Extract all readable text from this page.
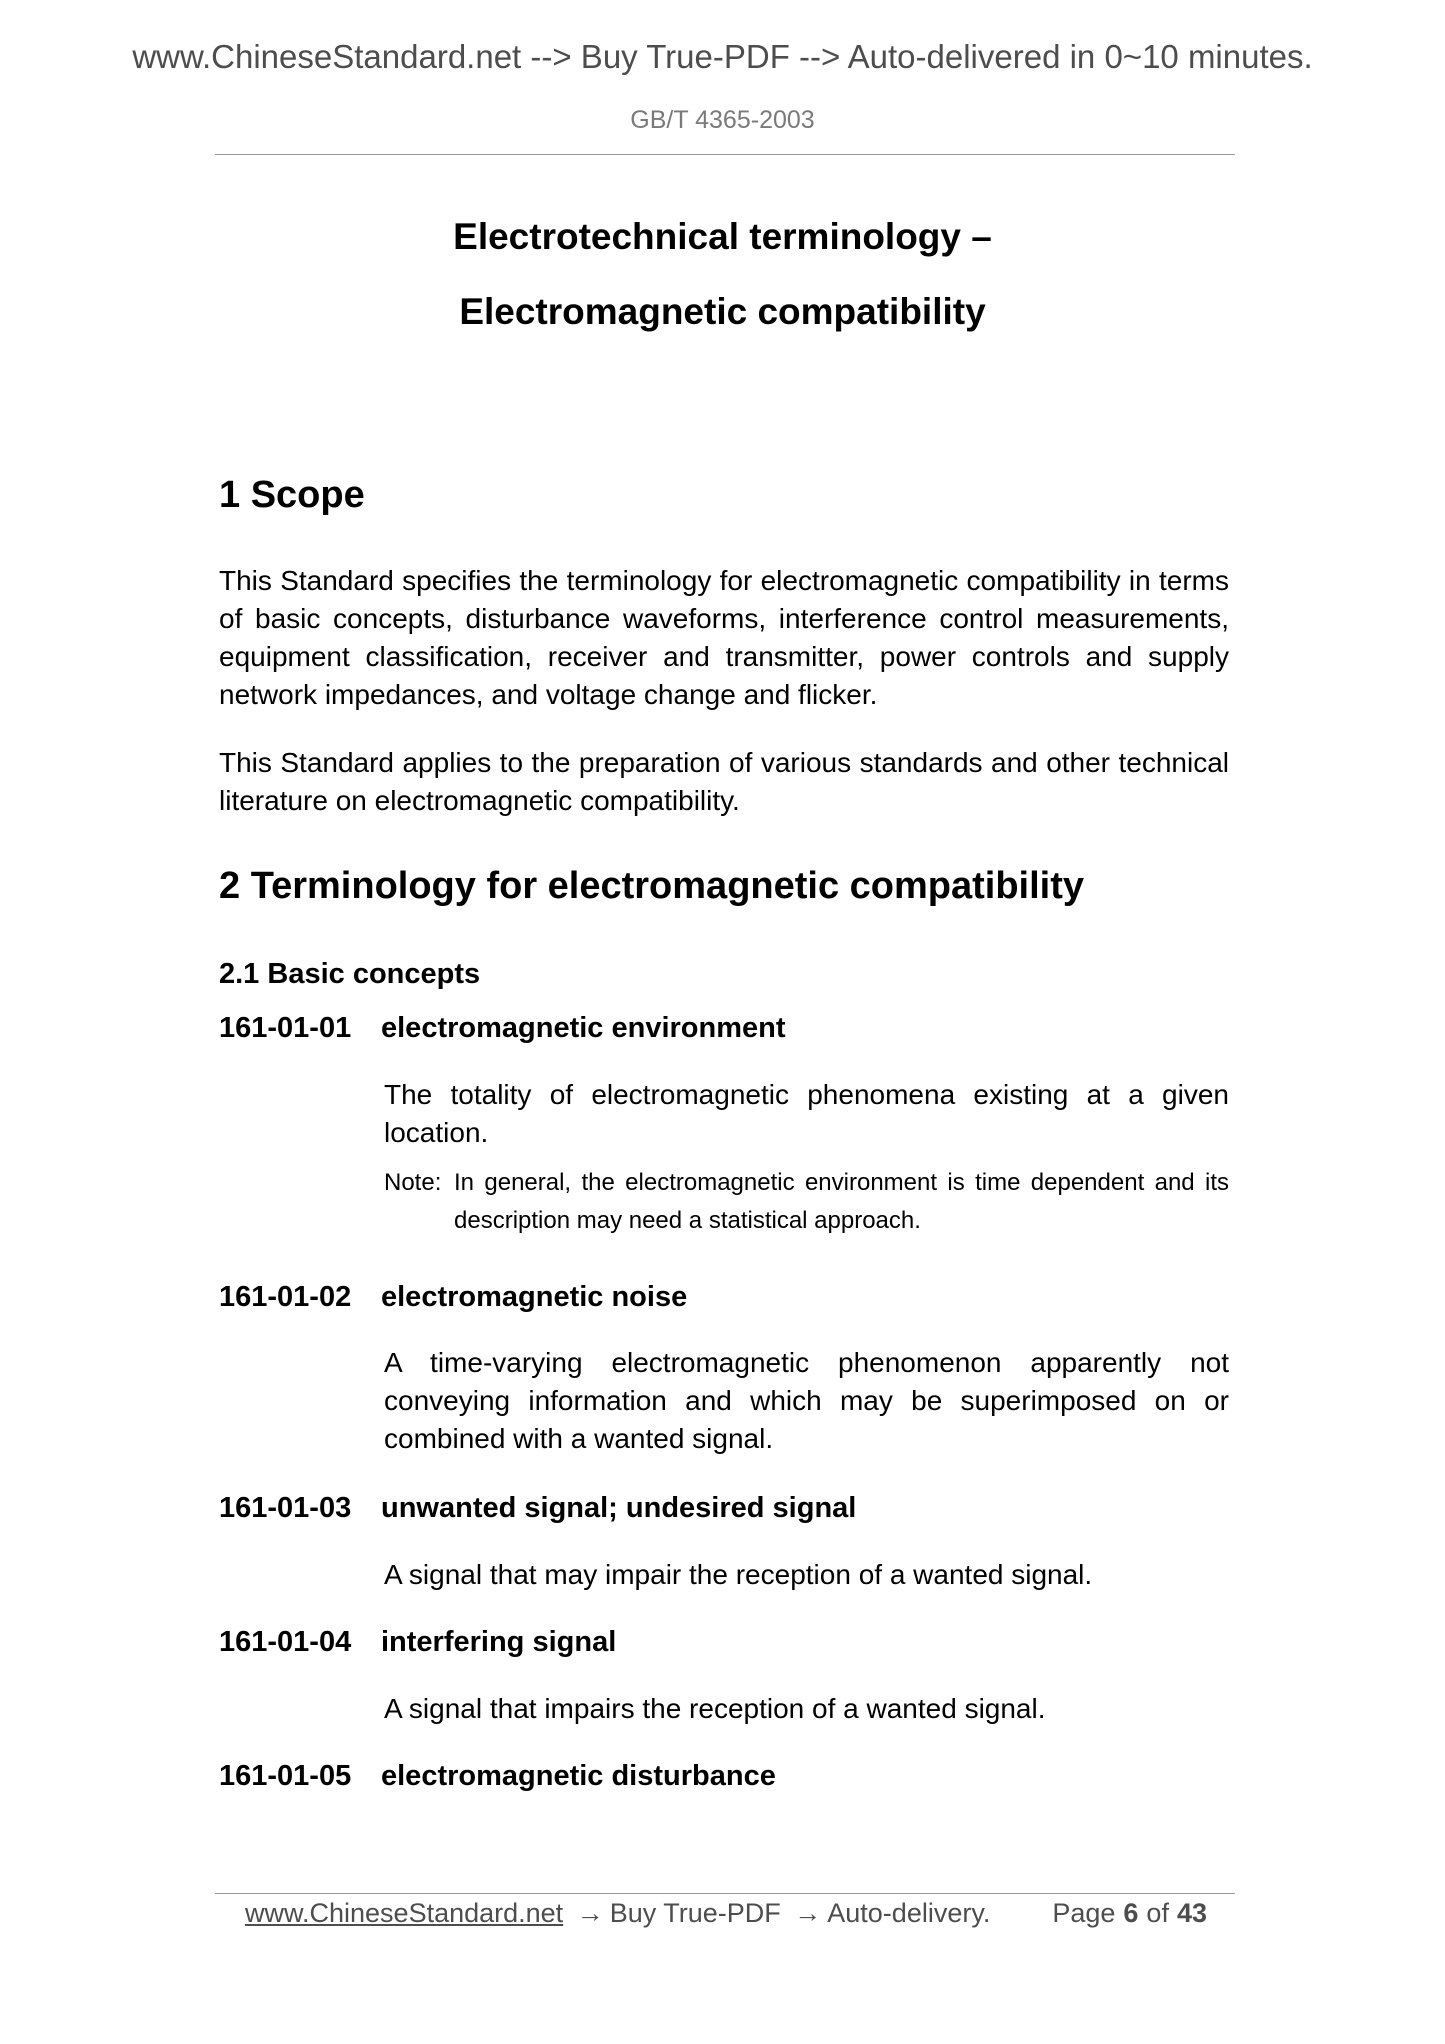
www.ChineseStandard.net --> Buy True-PDF --> Auto-delivered in 0~10 minutes.
GB/T 4365-2003
Electrotechnical terminology –
Electromagnetic compatibility
1 Scope
This Standard specifies the terminology for electromagnetic compatibility in terms of basic concepts, disturbance waveforms, interference control measurements, equipment classification, receiver and transmitter, power controls and supply network impedances, and voltage change and flicker.
This Standard applies to the preparation of various standards and other technical literature on electromagnetic compatibility.
2 Terminology for electromagnetic compatibility
2.1 Basic concepts
161-01-01 electromagnetic environment
The totality of electromagnetic phenomena existing at a given location.
Note: In general, the electromagnetic environment is time dependent and its description may need a statistical approach.
161-01-02 electromagnetic noise
A time-varying electromagnetic phenomenon apparently not conveying information and which may be superimposed on or combined with a wanted signal.
161-01-03 unwanted signal; undesired signal
A signal that may impair the reception of a wanted signal.
161-01-04 interfering signal
A signal that impairs the reception of a wanted signal.
161-01-05 electromagnetic disturbance
www.ChineseStandard.net → Buy True-PDF → Auto-delivery. Page 6 of 43
